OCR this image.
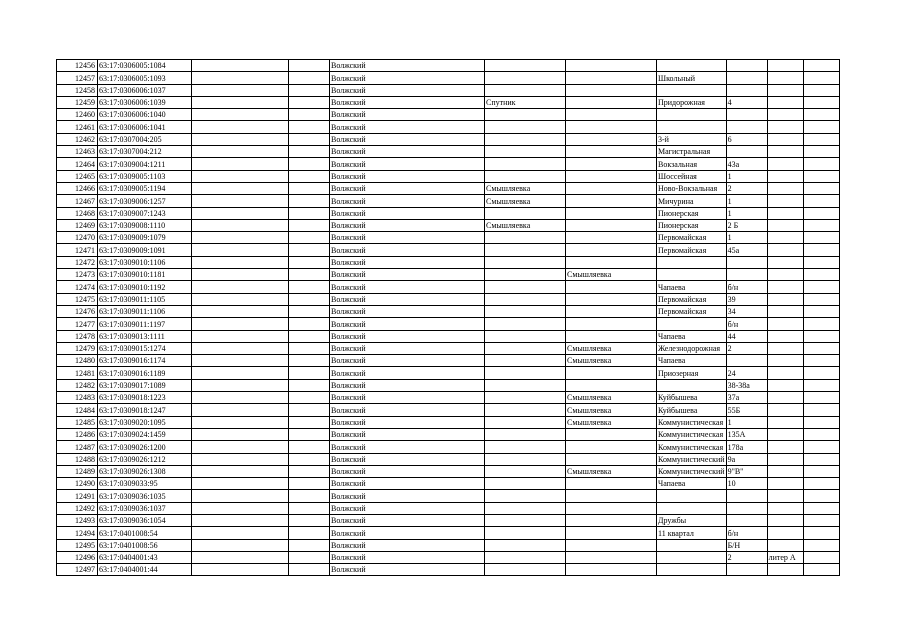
12456	63:17:0306005:1084			Волжский						
12457	63:17:0306005:1093			Волжский			Школьный			
12458	63:17:0306006:1037			Волжский						
12459	63:17:0306006:1039			Волжский	Спутник		Придорожная	4		
12460	63:17:0306006:1040			Волжский						
12461	63:17:0306006:1041			Волжский						
12462	63:17:0307004:205			Волжский			3-й	6		
12463	63:17:0307004:212			Волжский			Магистральная			
12464	63:17:0309004:1211			Волжский			Вокзальная	43а		
12465	63:17:0309005:1103			Волжский			Шоссейная	1		
12466	63:17:0309005:1194			Волжский	Смышляевка		Ново-Вокзальная	2		
12467	63:17:0309006:1257			Волжский	Смышляевка		Мичурина	1		
12468	63:17:0309007:1243			Волжский			Пионерская	1		
12469	63:17:0309008:1110			Волжский	Смышляевка		Пионерская	2 Б		
12470	63:17:0309009:1079			Волжский			Первомайская	1		
12471	63:17:0309009:1091			Волжский			Первомайская	45а		
12472	63:17:0309010:1106			Волжский						
12473	63:17:0309010:1181			Волжский		Смышляевка				
12474	63:17:0309010:1192			Волжский			Чапаева	б/н		
12475	63:17:0309011:1105			Волжский			Первомайская	39		
12476	63:17:0309011:1106			Волжский			Первомайская	34		
12477	63:17:0309011:1197			Волжский				б/н		
12478	63:17:0309013:1111			Волжский			Чапаева	44		
12479	63:17:0309015:1274			Волжский		Смышляевка	Железнодорожная	2		
12480	63:17:0309016:1174			Волжский		Смышляевка	Чапаева			
12481	63:17:0309016:1189			Волжский			Приозерная	24		
12482	63:17:0309017:1089			Волжский				38-38а		
12483	63:17:0309018:1223			Волжский		Смышляевка	Куйбышева	37а		
12484	63:17:0309018:1247			Волжский		Смышляевка	Куйбышева	55Б		
12485	63:17:0309020:1095			Волжский		Смышляевка	Коммунистическая	1		
12486	63:17:0309024:1459			Волжский			Коммунистическая	135А		
12487	63:17:0309026:1200			Волжский			Коммунистическая	178а		
12488	63:17:0309026:1212			Волжский			Коммунистический	9а		
12489	63:17:0309026:1308			Волжский		Смышляевка	Коммунистический	9"В"		
12490	63:17:0309033:95			Волжский			Чапаева	10		
12491	63:17:0309036:1035			Волжский						
12492	63:17:0309036:1037			Волжский						
12493	63:17:0309036:1054			Волжский			Дружбы			
12494	63:17:0401008:54			Волжский			11 квартал	б/н		
12495	63:17:0401008:56			Волжский				Б/Н		
12496	63:17:0404001:43			Волжский				2	литер А	
12497	63:17:0404001:44			Волжский						
